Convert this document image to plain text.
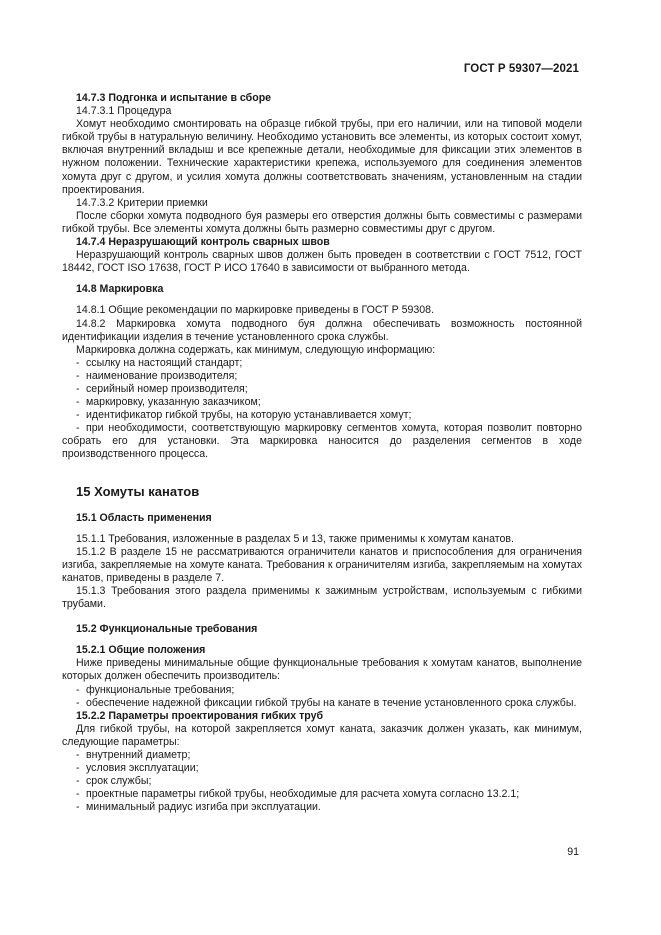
ГОСТ Р 59307—2021

14.7.3 Подгонка и испытание в сборе

14.7.3.1 Процедура

Хомут необходимо смонтировать на образце гибкой трубы, при его наличии, или на типовой модели гибкой трубы в натуральную величину. Необходимо установить все элементы, из которых состоит хомут, включая внутренний вкладыш и все крепежные детали, необходимые для фиксации этих элементов в нужном положении. Технические характеристики крепежа, используемого для соединения элементов хомута друг с другом, и усилия хомута должны соответствовать значениям, установленным на стадии проектирования.

14.7.3.2 Критерии приемки

После сборки хомута подводного буя размеры его отверстия должны быть совместимы с размерами гибкой трубы. Все элементы хомута должны быть размерно совместимы друг с другом.

14.7.4 Неразрушающий контроль сварных швов

Неразрушающий контроль сварных швов должен быть проведен в соответствии с ГОСТ 7512, ГОСТ 18442, ГОСТ ISO 17638, ГОСТ Р ИСО 17640 в зависимости от выбранного метода.

14.8 Маркировка

14.8.1 Общие рекомендации по маркировке приведены в ГОСТ Р 59308.

14.8.2 Маркировка хомута подводного буя должна обеспечивать возможность постоянной идентификации изделия в течение установленного срока службы.

Маркировка должна содержать, как минимум, следующую информацию:

- ссылку на настоящий стандарт;
- наименование производителя;
- серийный номер производителя;
- маркировку, указанную заказчиком;
- идентификатор гибкой трубы, на которую устанавливается хомут;
- при необходимости, соответствующую маркировку сегментов хомута, которая позволит повторно собрать его для установки. Эта маркировка наносится до разделения сегментов в ходе производственного процесса.
15 Хомуты канатов

15.1 Область применения

15.1.1 Требования, изложенные в разделах 5 и 13, также применимы к хомутам канатов.

15.1.2 В разделе 15 не рассматриваются ограничители канатов и приспособления для ограничения изгиба, закрепляемые на хомуте каната. Требования к ограничителям изгиба, закрепляемым на хомутах канатов, приведены в разделе 7.

15.1.3 Требования этого раздела применимы к зажимным устройствам, используемым с гибкими трубами.

15.2 Функциональные требования

15.2.1 Общие положения

Ниже приведены минимальные общие функциональные требования к хомутам канатов, выполнение которых должен обеспечить производитель:

- функциональные требования;
- обеспечение надежной фиксации гибкой трубы на канате в течение установленного срока службы.

15.2.2 Параметры проектирования гибких труб

Для гибкой трубы, на которой закрепляется хомут каната, заказчик должен указать, как минимум, следующие параметры:

- внутренний диаметр;
- условия эксплуатации;
- срок службы;
- проектные параметры гибкой трубы, необходимые для расчета хомута согласно 13.2.1;
- минимальный радиус изгиба при эксплуатации.
91
